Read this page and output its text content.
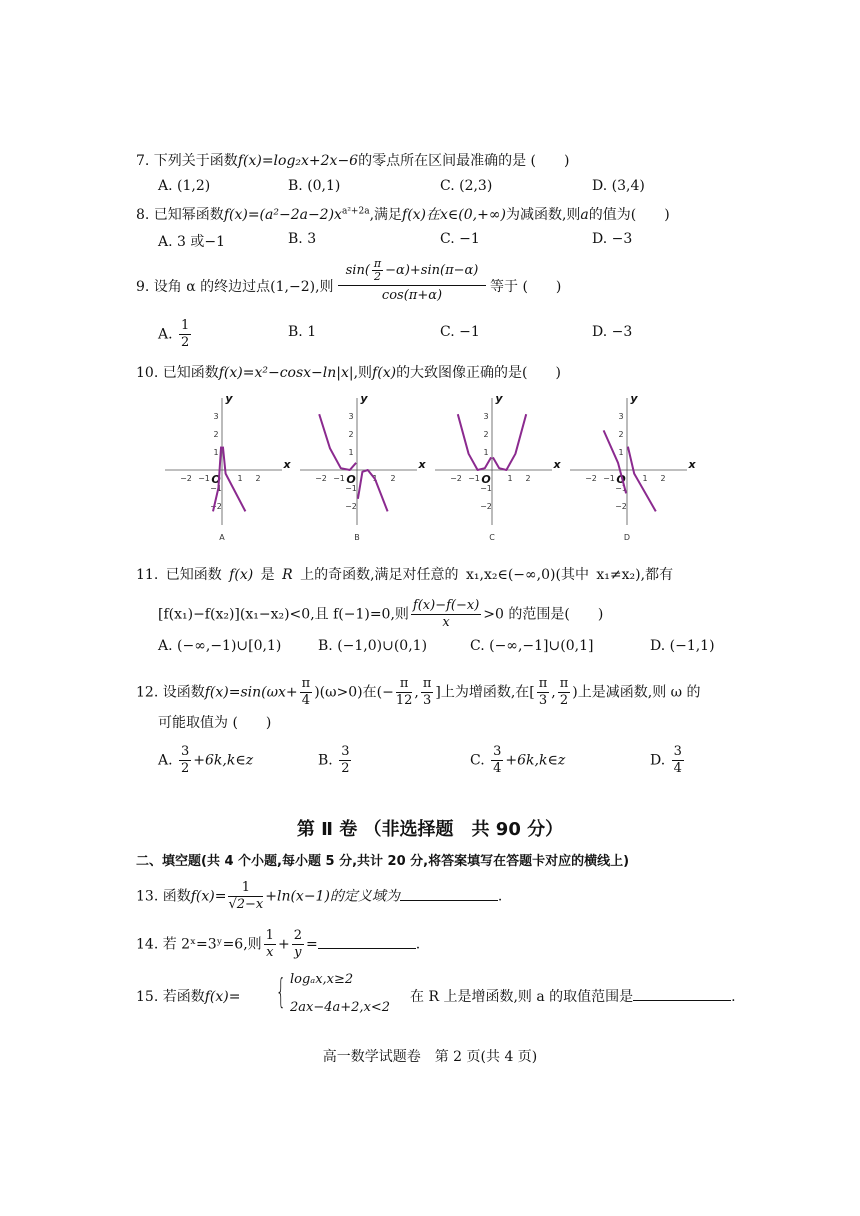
7. 下列关于函数f(x)=log₂x+2x−6的零点所在区间最准确的是 (　　)
A. (1,2)	B. (0,1)	C. (2,3)	D. (3,4)
8. 已知幂函数$f(x)=(a^2-2a-2)x^{a^2+2a}$,满足f(x)在x∈(0,+∞)为减函数,则a的值为(　　)
A. 3 或−1	B. 3	C. −1	D. −3
9. 设角 α 的终边过点(1,−2),则 $\frac{\sin( \frac{\pi}{2} -\alpha)+\sin(\pi-\alpha)}{\cos(\pi+\alpha)}$ 等于 (　　)
A. $\frac{1}{2}$	B. 1	C. −1	D. −3
10. 已知函数f(x)=x²−cosx−ln|x|,则f(x)的大致图像正确的是(　　)
x
y
O
−2 −1	1 2
3
2
1
−1
−2
A
x
y
O
−2 −1	1 2
3
2
1
−1
−2
B
x
y
O
−2 −1	1 2
3
2
1
−1
−2
C
x
y
O
−2 −1	1 2
3
2
1
−1
−2
D
11. 已知函数 f(x) 是 R 上的奇函数,满足对任意的 x₁,x₂∈(−∞,0)(其中 x₁≠x₂),都有
[f(x₁)−f(x₂)](x₁−x₂)<0,且 f(−1)=0,则 $\frac{f(x)-f(-x)}{x} >0$ 的范围是(　　)
A. (−∞,−1)∪[0,1)	B. (−1,0)∪(0,1)	C. (−∞,−1]∪(0,1]	D. (−1,1)
12. 设函数$f(x)=\sin(\omega x+ \frac{\pi}{4} )(\omega>0)$在(− $\frac{\pi}{12}$ , $\frac{\pi}{3}$ ]上为增函数,在[ $\frac{\pi}{3}$ , $\frac{\pi}{2}$ )上是减函数,则 ω 的
可能取值为 (　　)
A. $\frac{3}{2}$ +6k,k∈z	B. $\frac{3}{2}$	C. $\frac{3}{4}$ +6k,k∈z	D. $\frac{3}{4}$
第 Ⅱ 卷 （非选择题　共 90 分）
二、填空题(共 4 个小题,每小题 5 分,共计 20 分,将答案填写在答题卡对应的横线上)
13. 函数$f(x)= \frac{1}{√2-x} +\ln(x-1)$的定义域为	.
14. 若 2ˣ=3ʸ=6,则 $\frac{1}{x} + \frac{2}{y}$ =	.
15. 若函数f(x)= { logₐx,x≥2
2ax−4a+2,x<2
在 R 上是增函数,则 a 的取值范围是	.
高一数学试题卷　第 2 页(共 4 页)
